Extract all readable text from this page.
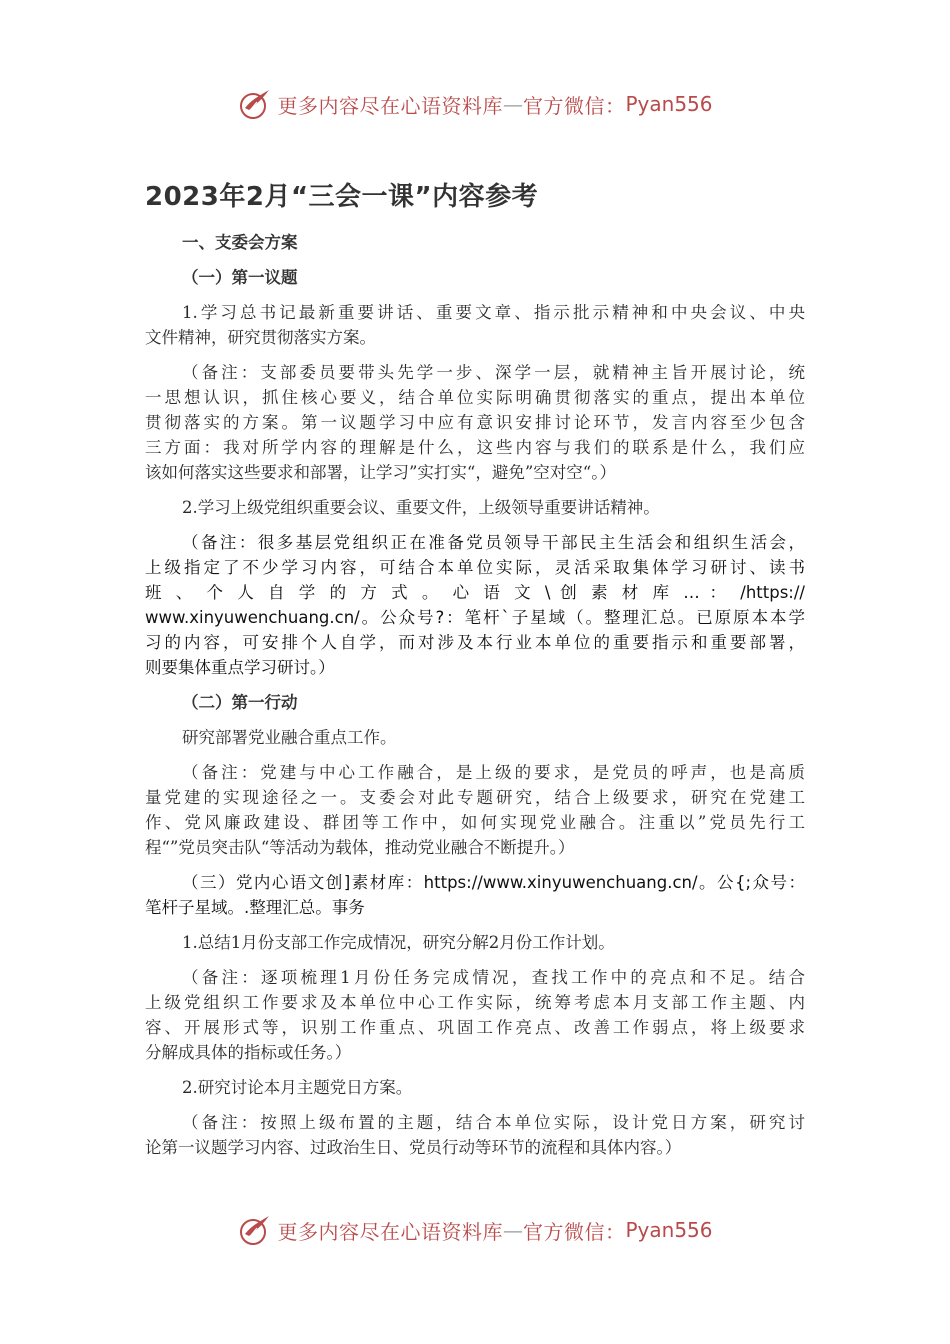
更多内容尽在心语资料库 — 官方微信： Pyan556
2023年2月“三会一课”内容参考
一、支委会方案
（一）第一议题
1.学习总书记最新重要讲话、重要文章、指示批示精神和中央会议、中央
文件精神，研究贯彻落实方案。
（备注：支部委员要带头先学一步、深学一层，就精神主旨开展讨论，统
一思想认识，抓住核心要义，结合单位实际明确贯彻落实的重点，提出本单位
贯彻落实的方案。第一议题学习中应有意识安排讨论环节，发言内容至少包含
三方面：我对所学内容的理解是什么，这些内容与我们的联系是什么，我们应
该如何落实这些要求和部署，让学习”实打实“，避免”空对空“。）
2.学习上级党组织重要会议、重要文件，上级领导重要讲话精神。
（备注：很多基层党组织正在准备党员领导干部民主生活会和组织生活会，
上级指定了不少学习内容，可结合本单位实际，灵活采取集体学习研讨、读书
班 、 个 人 自 学 的 方 式 。 心 语 文 \ 创 素 材 库 … ： /https://
www.xinyuwenchuang.cn/。公众号?：笔杆`子星域（。整理汇总。已原原本本学
习的内容，可安排个人自学，而对涉及本行业本单位的重要指示和重要部署，
则要集体重点学习研讨。）
（二）第一行动
研究部署党业融合重点工作。
（备注：党建与中心工作融合，是上级的要求，是党员的呼声，也是高质
量党建的实现途径之一。支委会对此专题研究，结合上级要求，研究在党建工
作、党风廉政建设、群团等工作中，如何实现党业融合。注重以”党员先行工
程“”党员突击队“等活动为载体，推动党业融合不断提升。）
（三）党内心语文创]素材库：https://www.xinyuwenchuang.cn/。公{;众号：
笔杆子星域。.整理汇总。事务
1.总结1月份支部工作完成情况，研究分解2月份工作计划。
（备注：逐项梳理1月份任务完成情况，查找工作中的亮点和不足。结合
上级党组织工作要求及本单位中心工作实际，统筹考虑本月支部工作主题、内
容、开展形式等，识别工作重点、巩固工作亮点、改善工作弱点，将上级要求
分解成具体的指标或任务。）
2.研究讨论本月主题党日方案。
（备注：按照上级布置的主题，结合本单位实际，设计党日方案，研究讨
论第一议题学习内容、过政治生日、党员行动等环节的流程和具体内容。）
更多内容尽在心语资料库 — 官方微信： Pyan556
